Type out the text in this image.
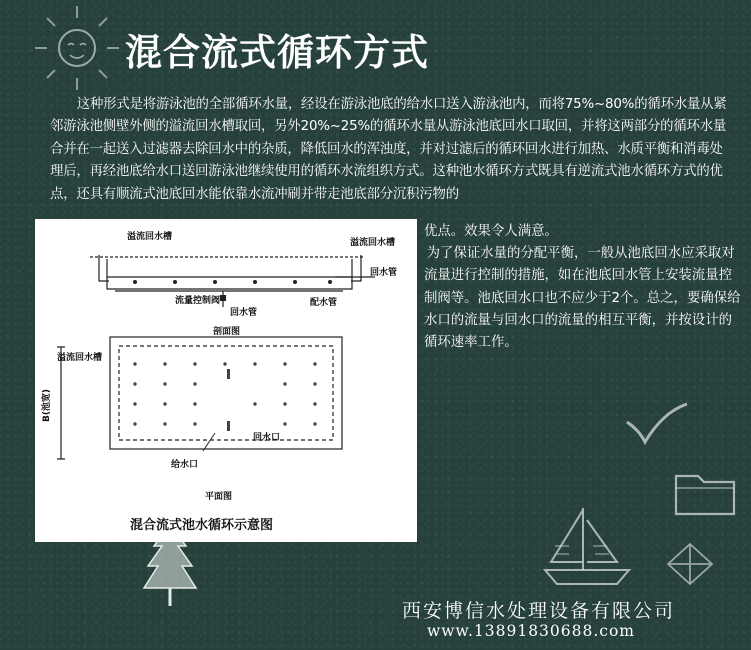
混合流式循环方式

这种形式是将游泳池的全部循环水量，经设在游泳池底的给水口送入游泳池内，而将75%~80%的循环水量从紧邻游泳池侧壁外侧的溢流回水槽取回，另外20%~25%的循环水量从游泳池底回水口取回，并将这两部分的循环水量合并在一起送入过滤器去除回水中的杂质，降低回水的浑浊度，并对过滤后的循环回水进行加热、水质平衡和消毒处理后，再经池底给水口送回游泳池继续使用的循环水流组织方式。这种池水循环方式既具有逆流式池水循环方式的优点，还具有顺流式池底回水能依靠水流冲刷并带走池底部分沉积污物的

优点。效果令人满意。
为了保证水量的分配平衡，一般从池底回水应采取对流量进行控制的措施，如在池底回水管上安装流量控制阀等。池底回水口也不应少于2个。总之，要确保给水口的流量与回水口的流量的相互平衡，并按设计的循环速率工作。
溢流回水槽
溢流回水槽
回水管
流量控制阀
回水管
配水管
剖面图
溢流回水槽
B(池宽)
回水口
给水口
平面图
混合流式池水循环示意图

西安博信水处理设备有限公司

www.13891830688.com
